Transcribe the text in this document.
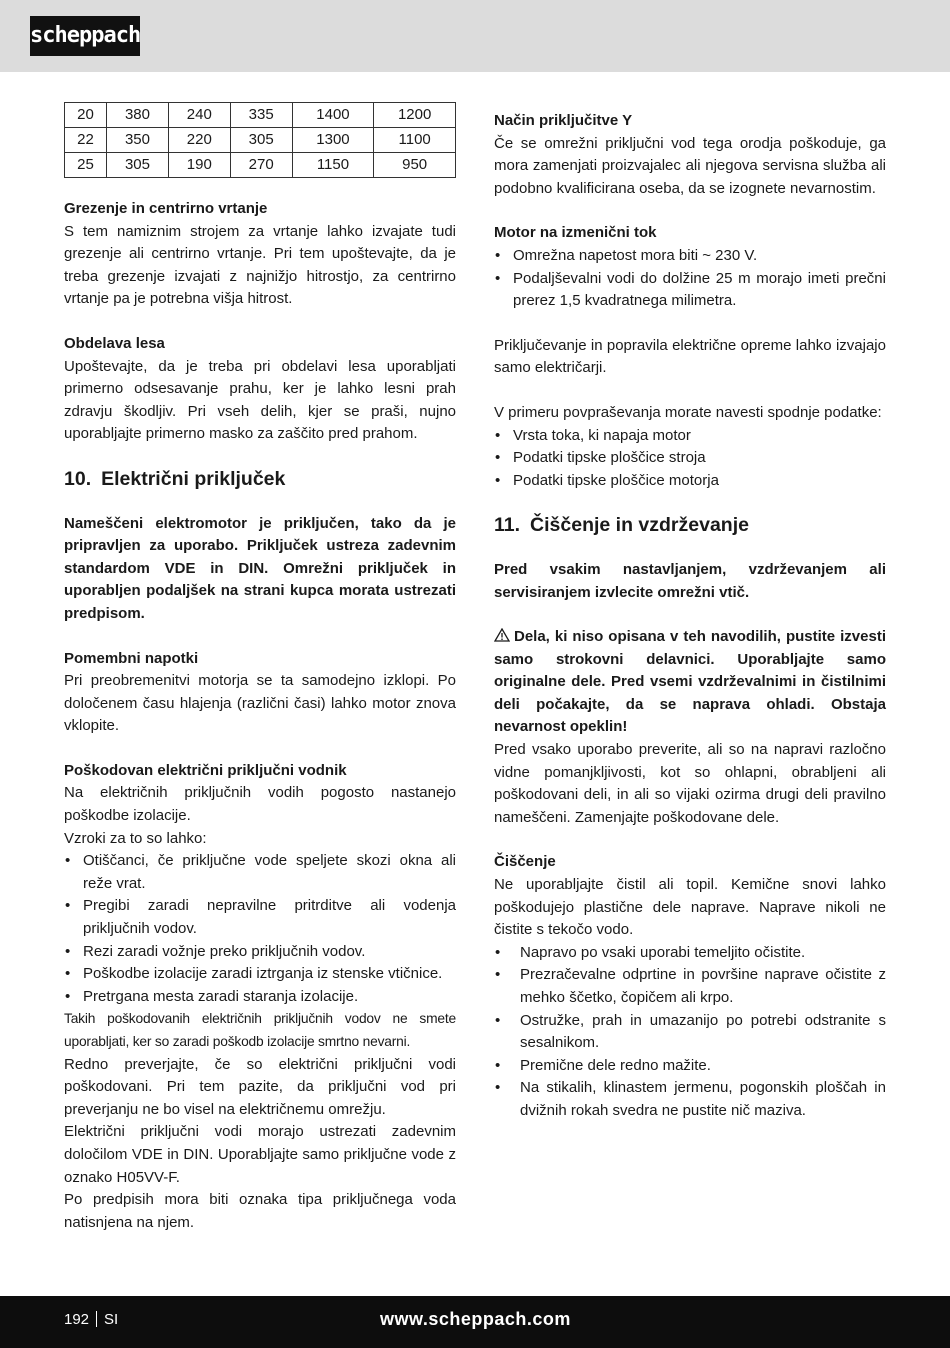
scheppach
20	380	240	335	1400	1200
22	350	220	305	1300	1100
25	305	190	270	1150	950
Grezenje in centrirno vrtanje

S tem namiznim strojem za vrtanje lahko izvajate tudi grezenje ali centrirno vrtanje. Pri tem upoštevajte, da je treba grezenje izvajati z najnižjo hitrostjo, za centrirno vrtanje pa je potrebna višja hitrost.

Obdelava lesa

Upoštevajte, da je treba pri obdelavi lesa uporabljati primerno odsesavanje prahu, ker je lahko lesni prah zdravju škodljiv. Pri vseh delih, kjer se praši, nujno uporabljajte primerno masko za zaščito pred prahom.

10. Električni priključek

Nameščeni elektromotor je priključen, tako da je pripravljen za uporabo. Priključek ustreza zadevnim standardom VDE in DIN. Omrežni priključek in uporabljen podaljšek na strani kupca morata ustrezati predpisom.

Pomembni napotki

Pri preobremenitvi motorja se ta samodejno izklopi. Po določenem času hlajenja (različni časi) lahko motor znova vklopite.

Poškodovan električni priključni vodnik

Na električnih priključnih vodih pogosto nastanejo poškodbe izolacije.

Vzroki za to so lahko:

• Otiščanci, če priključne vode speljete skozi okna ali reže vrat.
• Pregibi zaradi nepravilne pritrditve ali vodenja priključnih vodov.
• Rezi zaradi vožnje preko priključnih vodov.
• Poškodbe izolacije zaradi iztrganja iz stenske vtičnice.
• Pretrgana mesta zaradi staranja izolacije.

Takih poškodovanih električnih priključnih vodov ne smete uporabljati, ker so zaradi poškodb izolacije smrtno nevarni.

Redno preverjajte, če so električni priključni vodi poškodovani. Pri tem pazite, da priključni vod pri preverjanju ne bo visel na električnemu omrežju.

Električni priključni vodi morajo ustrezati zadevnim določilom VDE in DIN. Uporabljajte samo priključne vode z oznako H05VV-F.

Po predpisih mora biti oznaka tipa priključnega voda natisnjena na njem.

Način priključitve Y

Če se omrežni priključni vod tega orodja poškoduje, ga mora zamenjati proizvajalec ali njegova servisna služba ali podobno kvalificirana oseba, da se izognete nevarnostim.

Motor na izmenični tok
• Omrežna napetost mora biti ~ 230 V.
• Podaljševalni vodi do dolžine 25 m morajo imeti prečni prerez 1,5 kvadratnega milimetra.

Priključevanje in popravila električne opreme lahko izvajajo samo električarji.

V primeru povpraševanja morate navesti spodnje podatke:

• Vrsta toka, ki napaja motor
• Podatki tipske ploščice stroja
• Podatki tipske ploščice motorja
11. Čiščenje in vzdrževanje

Pred vsakim nastavljanjem, vzdrževanjem ali servisiranjem izvlecite omrežni vtič.

Dela, ki niso opisana v teh navodilih, pustite izvesti samo strokovni delavnici. Uporabljajte samo originalne dele. Pred vsemi vzdrževalnimi in čistilnimi deli počakajte, da se naprava ohladi. Obstaja nevarnost opeklin!

Pred vsako uporabo preverite, ali so na napravi razločno vidne pomanjkljivosti, kot so ohlapni, obrabljeni ali poškodovani deli, in ali so vijaki ozirma drugi deli pravilno nameščeni. Zamenjajte poškodovane dele.

Čiščenje

Ne uporabljajte čistil ali topil. Kemične snovi lahko poškodujejo plastične dele naprave. Naprave nikoli ne čistite s tekočo vodo.

• Napravo po vsaki uporabi temeljito očistite.
• Prezračevalne odprtine in površine naprave očistite z mehko ščetko, čopičem ali krpo.
• Ostružke, prah in umazanijo po potrebi odstranite s sesalnikom.
• Premične dele redno mažite.
• Na stikalih, klinastem jermenu, pogonskih ploščah in dvižnih rokah svedra ne pustite nič maziva.
192 SI	www.scheppach.com
